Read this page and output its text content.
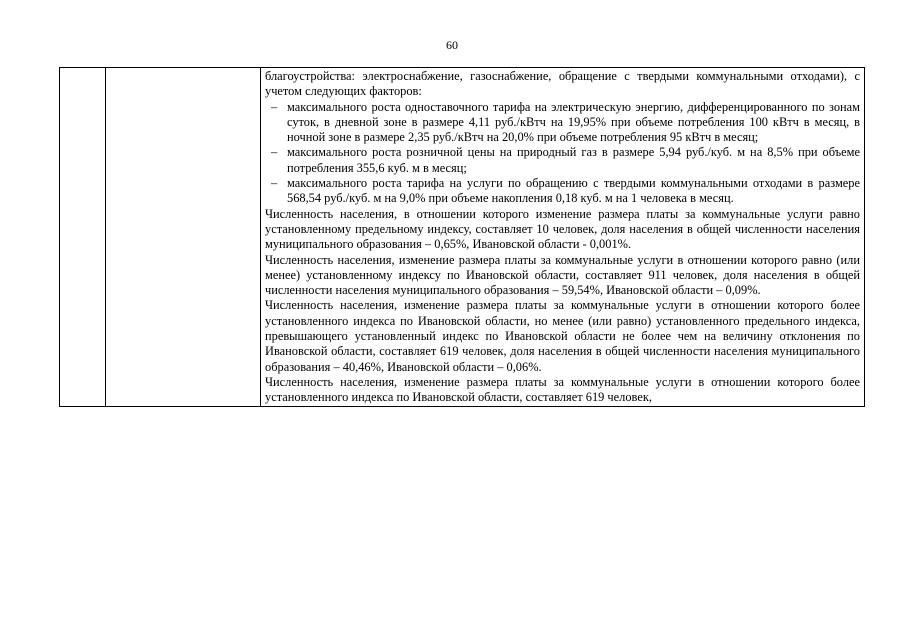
60

благоустройства: электроснабжение, газоснабжение, обращение с твердыми коммунальными отходами), с учетом следующих факторов:

– максимального роста одноставочного тарифа на электрическую энергию, дифференцированного по зонам суток, в дневной зоне в размере 4,11 руб./кВтч на 19,95% при объеме потребления 100 кВтч в месяц, в ночной зоне в размере 2,35 руб./кВтч на 20,0% при объеме потребления 95 кВтч в месяц;
– максимального роста розничной цены на природный газ в размере 5,94 руб./куб. м на 8,5% при объеме потребления 355,6 куб. м в месяц;
– максимального роста тарифа на услуги по обращению с твердыми коммунальными отходами в размере 568,54 руб./куб. м на 9,0% при объеме накопления 0,18 куб. м на 1 человека в месяц.

Численность населения, в отношении которого изменение размера платы за коммунальные услуги равно установленному предельному индексу, составляет 10 человек, доля населения в общей численности населения муниципального образования – 0,65%, Ивановской области - 0,001%.

Численность населения, изменение размера платы за коммунальные услуги в отношении которого равно (или менее) установленному индексу по Ивановской области, составляет 911 человек, доля населения в общей численности населения муниципального образования – 59,54%, Ивановской области – 0,09%.

Численность населения, изменение размера платы за коммунальные услуги в отношении которого более установленного индекса по Ивановской области, но менее (или равно) установленного предельного индекса, превышающего установленный индекс по Ивановской области не более чем на величину отклонения по Ивановской области, составляет 619 человек, доля населения в общей численности населения муниципального образования – 40,46%, Ивановской области – 0,06%.

Численность населения, изменение размера платы за коммунальные услуги в отношении которого более установленного индекса по Ивановской области, составляет 619 человек,
